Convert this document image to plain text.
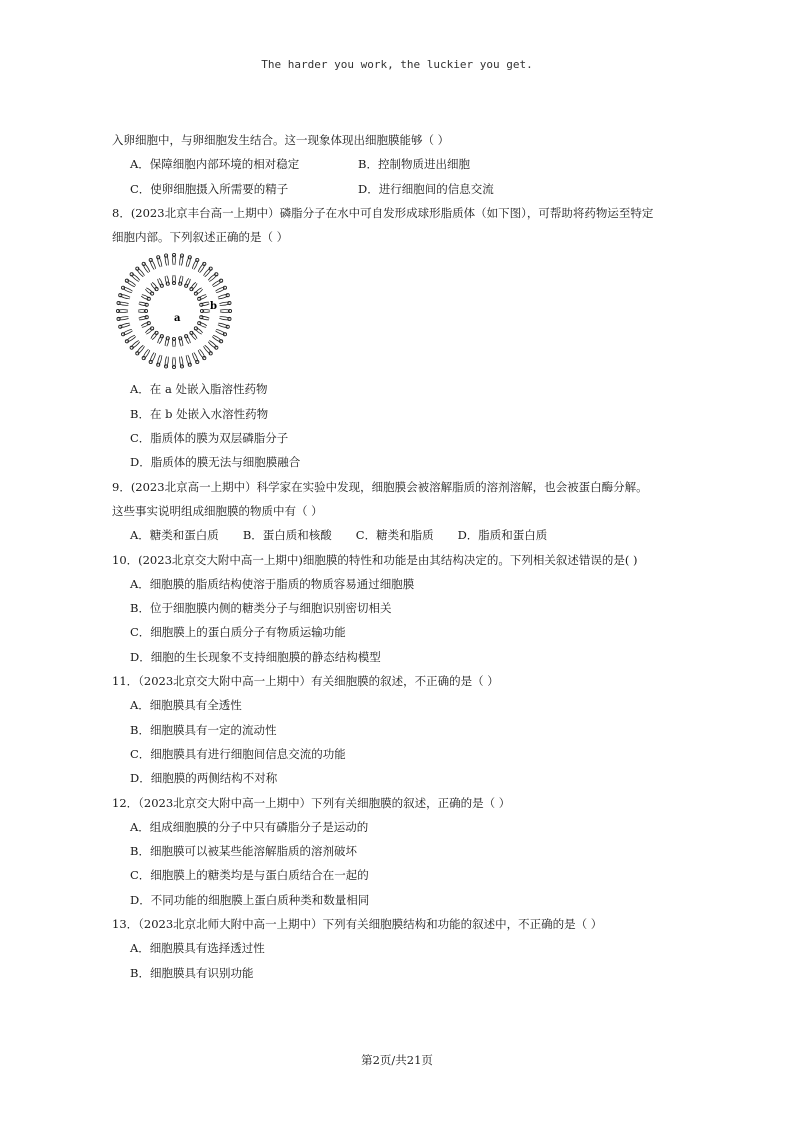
The harder you work, the luckier you get.
入卵细胞中，与卵细胞发生结合。这一现象体现出细胞膜能够（ ）
A．保障细胞内部环境的相对稳定	B．控制物质进出细胞
C．使卵细胞摄入所需要的精子	D．进行细胞间的信息交流
8．(2023北京丰台高一上期中）磷脂分子在水中可自发形成球形脂质体（如下图），可帮助将药物运至特定
细胞内部。下列叙述正确的是（ ）
a
b
A．在 a 处嵌入脂溶性药物
B．在 b 处嵌入水溶性药物
C．脂质体的膜为双层磷脂分子
D．脂质体的膜无法与细胞膜融合
9．(2023北京高一上期中）科学家在实验中发现，细胞膜会被溶解脂质的溶剂溶解，也会被蛋白酶分解。
这些事实说明组成细胞膜的物质中有（ ）
A．糖类和蛋白质 B．蛋白质和核酸 C．糖类和脂质 D．脂质和蛋白质
10．(2023北京交大附中高一上期中)细胞膜的特性和功能是由其结构决定的。下列相关叙述错误的是( )
A．细胞膜的脂质结构使溶于脂质的物质容易通过细胞膜
B．位于细胞膜内侧的糖类分子与细胞识别密切相关
C．细胞膜上的蛋白质分子有物质运输功能
D．细胞的生长现象不支持细胞膜的静态结构模型
11．（2023北京交大附中高一上期中）有关细胞膜的叙述，不正确的是（ ）
A．细胞膜具有全透性
B．细胞膜具有一定的流动性
C．细胞膜具有进行细胞间信息交流的功能
D．细胞膜的两侧结构不对称
12．（2023北京交大附中高一上期中）下列有关细胞膜的叙述，正确的是（ ）
A．组成细胞膜的分子中只有磷脂分子是运动的
B．细胞膜可以被某些能溶解脂质的溶剂破坏
C．细胞膜上的糖类均是与蛋白质结合在一起的
D．不同功能的细胞膜上蛋白质种类和数量相同
13．（2023北京北师大附中高一上期中）下列有关细胞膜结构和功能的叙述中，不正确的是（ ）
A．细胞膜具有选择透过性
B．细胞膜具有识别功能
第2页/共21页
